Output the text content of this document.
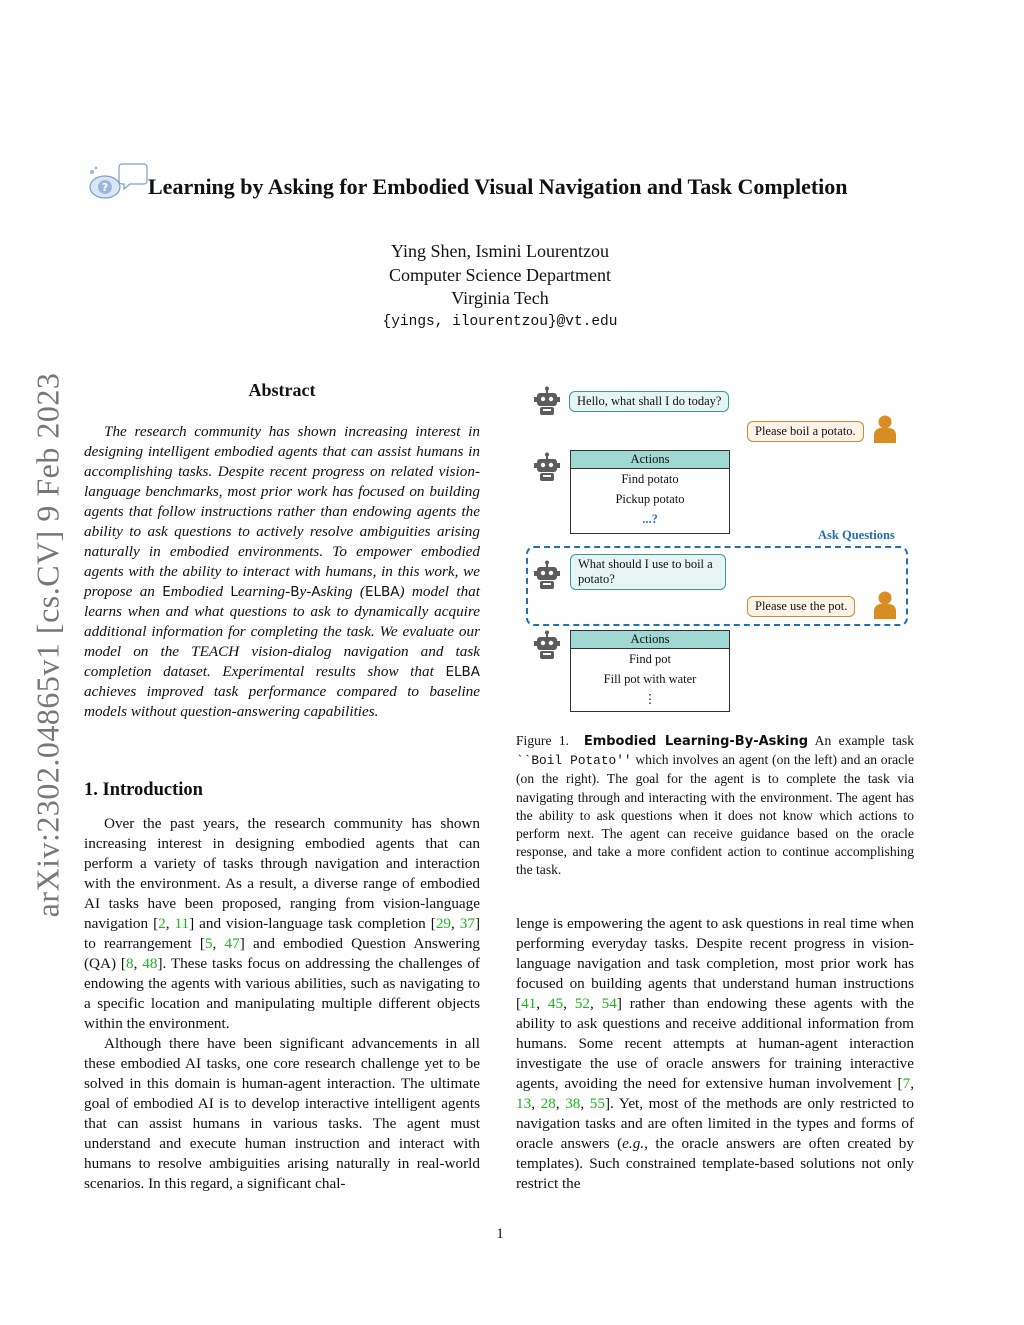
arXiv:2302.04865v1 [cs.CV] 9 Feb 2023
? Learning by Asking for Embodied Visual Navigation and Task Completion
Ying Shen, Ismini Lourentzou
Computer Science Department
Virginia Tech
{yings, ilourentzou}@vt.edu
Abstract
The research community has shown increasing interest in designing intelligent embodied agents that can assist humans in accomplishing tasks. Despite recent progress on related vision-language benchmarks, most prior work has focused on building agents that follow instructions rather than endowing agents the ability to ask questions to actively resolve ambiguities arising naturally in embodied environments. To empower embodied agents with the ability to interact with humans, in this work, we propose an Embodied Learning-By-Asking (ELBA) model that learns when and what questions to ask to dynamically acquire additional information for completing the task. We evaluate our model on the TEACH vision-dialog navigation and task completion dataset. Experimental results show that ELBA achieves improved task performance compared to baseline models without question-answering capabilities.
1. Introduction

Over the past years, the research community has shown increasing interest in designing embodied agents that can perform a variety of tasks through navigation and interaction with the environment. As a result, a diverse range of embodied AI tasks have been proposed, ranging from vision-language navigation [2, 11] and vision-language task completion [29, 37] to rearrangement [5, 47] and embodied Question Answering (QA) [8, 48]. These tasks focus on addressing the challenges of endowing the agents with various abilities, such as navigating to a specific location and manipulating multiple different objects within the environment.

Although there have been significant advancements in all these embodied AI tasks, one core research challenge yet to be solved in this domain is human-agent interaction. The ultimate goal of embodied AI is to develop interactive intelligent agents that can assist humans in various tasks. The agent must understand and execute human instruction and interact with humans to resolve ambiguities arising naturally in real-world scenarios. In this regard, a significant chal-

lenge is empowering the agent to ask questions in real time when performing everyday tasks. Despite recent progress in vision-language navigation and task completion, most prior work has focused on building agents that understand human instructions [41, 45, 52, 54] rather than endowing these agents with the ability to ask questions and receive additional information from humans. Some recent attempts at human-agent interaction investigate the use of oracle answers for training interactive agents, avoiding the need for extensive human involvement [7, 13, 28, 38, 55]. Yet, most of the methods are only restricted to navigation tasks and are often limited in the types and forms of oracle answers (e.g., the oracle answers are often created by templates). Such constrained template-based solutions not only restrict the

Hello, what shall I do today?
Please boil a potato.
Actions
Find potato
Pickup potato
...?
Ask Questions
What should I use to boil a potato?
Please use the pot.
Actions
Find pot
Fill pot with water
⋮
Figure 1. Embodied Learning-By-Asking An example task ``Boil Potato'' which involves an agent (on the left) and an oracle (on the right). The goal for the agent is to complete the task via navigating through and interacting with the environment. The agent has the ability to ask questions when it does not know which actions to perform next. The agent can receive guidance based on the oracle response, and take a more confident action to continue accomplishing the task.
1
